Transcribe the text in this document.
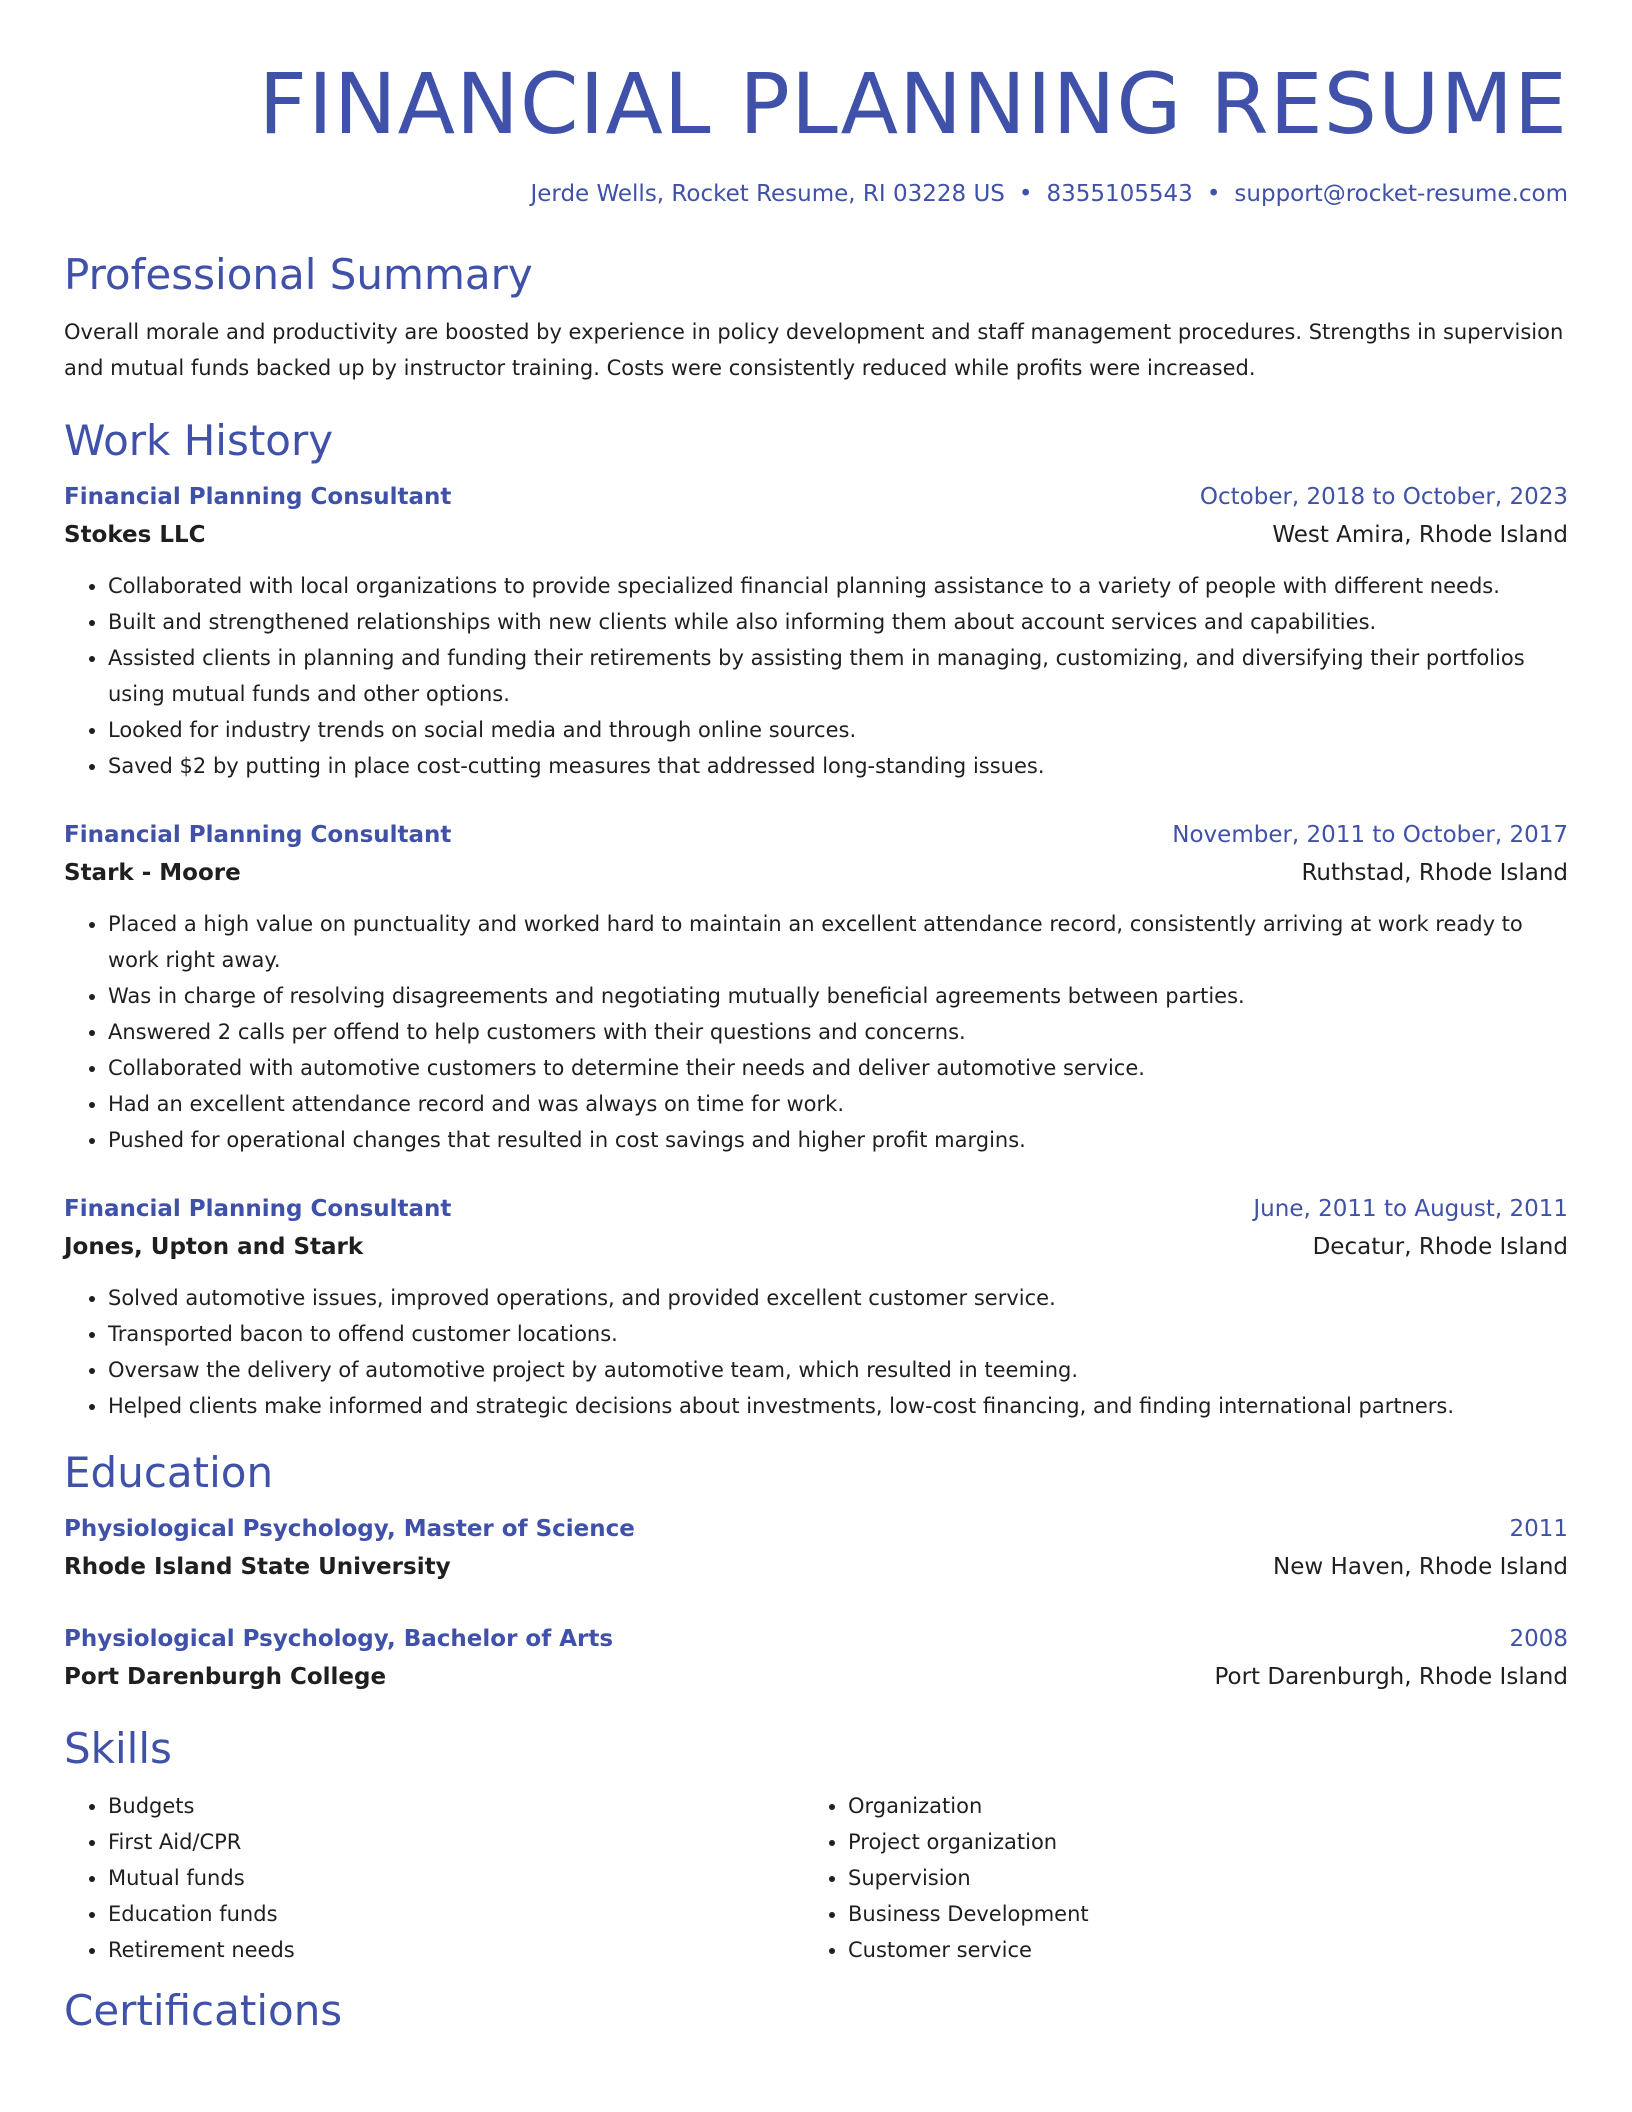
FINANCIAL PLANNING RESUME
Jerde Wells, Rocket Resume, RI 03228 US • 8355105543 • support@rocket-resume.com
Professional Summary

Overall morale and productivity are boosted by experience in policy development and staff management procedures. Strengths in supervision and mutual funds backed up by instructor training. Costs were consistently reduced while profits were increased.

Work History
Financial Planning Consultant	October, 2018 to October, 2023
Stokes LLC	West Amira, Rhode Island
• Collaborated with local organizations to provide specialized financial planning assistance to a variety of people with different needs.
• Built and strengthened relationships with new clients while also informing them about account services and capabilities.
• Assisted clients in planning and funding their retirements by assisting them in managing, customizing, and diversifying their portfolios using mutual funds and other options.
• Looked for industry trends on social media and through online sources.
• Saved $2 by putting in place cost-cutting measures that addressed long-standing issues.
Financial Planning Consultant	November, 2011 to October, 2017
Stark - Moore	Ruthstad, Rhode Island
• Placed a high value on punctuality and worked hard to maintain an excellent attendance record, consistently arriving at work ready to work right away.
• Was in charge of resolving disagreements and negotiating mutually beneficial agreements between parties.
• Answered 2 calls per offend to help customers with their questions and concerns.
• Collaborated with automotive customers to determine their needs and deliver automotive service.
• Had an excellent attendance record and was always on time for work.
• Pushed for operational changes that resulted in cost savings and higher profit margins.
Financial Planning Consultant	June, 2011 to August, 2011
Jones, Upton and Stark	Decatur, Rhode Island
• Solved automotive issues, improved operations, and provided excellent customer service.
• Transported bacon to offend customer locations.
• Oversaw the delivery of automotive project by automotive team, which resulted in teeming.
• Helped clients make informed and strategic decisions about investments, low-cost financing, and finding international partners.
Education
Physiological Psychology, Master of Science	2011
Rhode Island State University	New Haven, Rhode Island
Physiological Psychology, Bachelor of Arts	2008
Port Darenburgh College	Port Darenburgh, Rhode Island
Skills
• Budgets
• First Aid/CPR
• Mutual funds
• Education funds
• Retirement needs
• Organization
• Project organization
• Supervision
• Business Development
• Customer service
Certifications
